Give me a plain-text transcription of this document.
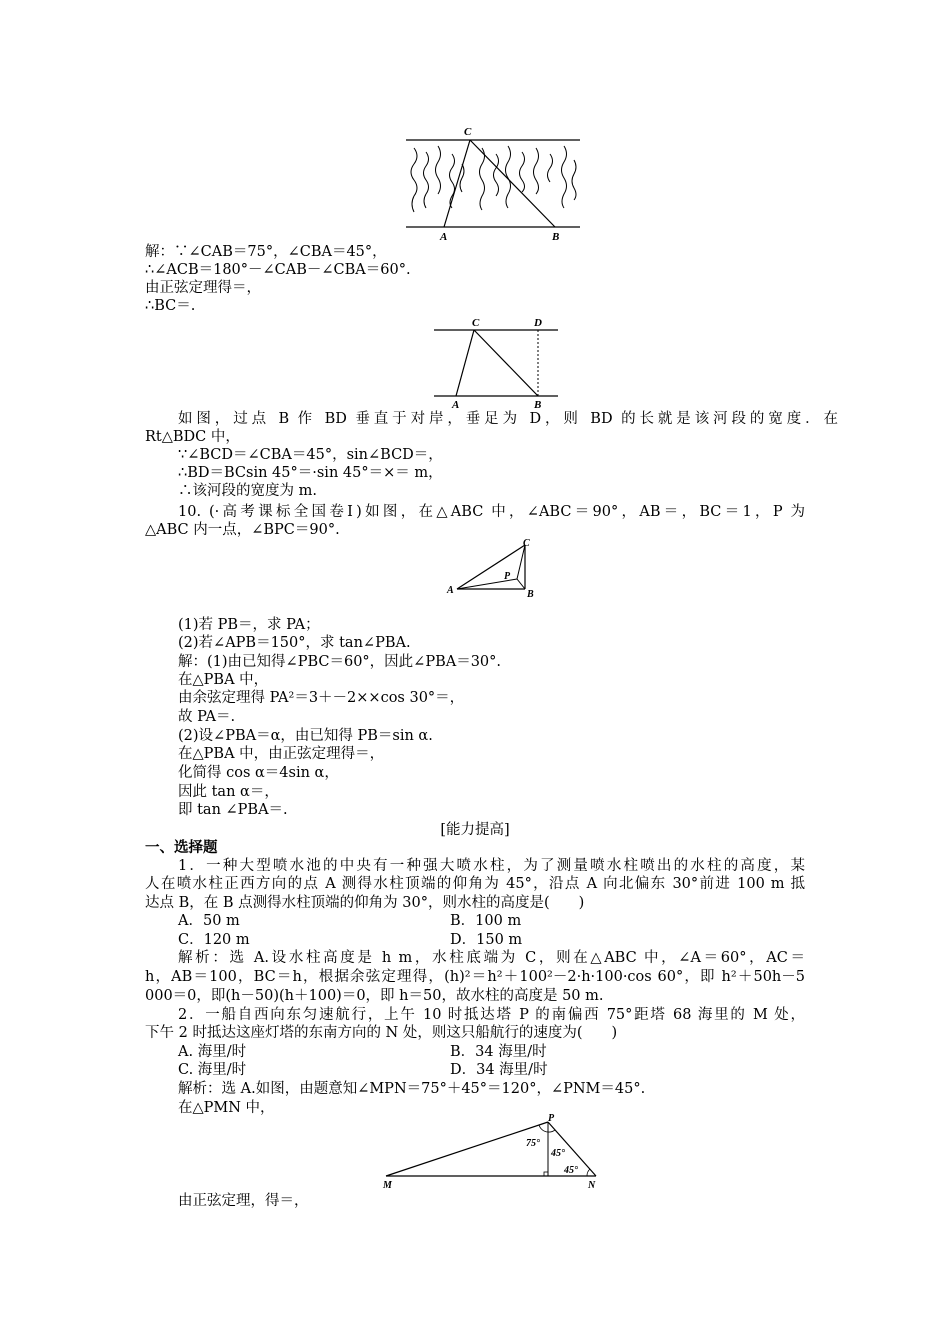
C
A	B
解：∵∠CAB＝75°，∠CBA＝45°，
∴∠ACB＝180°－∠CAB－∠CBA＝60°.
由正弦定理得＝，
∴BC＝.
C	D
A	B
如图，过点 B 作 BD 垂直于对岸，垂足为 D，则 BD 的长就是该河段的宽度．在
Rt△BDC 中，
∵∠BCD＝∠CBA＝45°，sin∠BCD＝，
∴BD＝BCsin 45°＝·sin 45°＝×＝ m，
∴该河段的宽度为 m.
10. (·高考课标全国卷Ⅰ)如图，在△ABC 中，∠ABC＝90°，AB＝，BC＝1，P 为
△ABC 内一点，∠BPC＝90°.
C
P
A	B
(1)若 PB＝，求 PA；
(2)若∠APB＝150°，求 tan∠PBA.
解：(1)由已知得∠PBC＝60°，因此∠PBA＝30°.
在△PBA 中，
由余弦定理得 PA²＝3＋－2××cos 30°＝，
故 PA＝.
(2)设∠PBA＝α，由已知得 PB＝sin α.
在△PBA 中，由正弦定理得＝，
化简得 cos α＝4sin α，
因此 tan α＝，
即 tan ∠PBA＝.
[能力提高]
一、选择题
1．一种大型喷水池的中央有一种强大喷水柱，为了测量喷水柱喷出的水柱的高度，某
人在喷水柱正西方向的点 A 测得水柱顶端的仰角为 45°，沿点 A 向北偏东 30°前进 100 m 抵
达点 B，在 B 点测得水柱顶端的仰角为 30°，则水柱的高度是(　　)
A．50 m	B．100 m
C．120 m	D．150 m
解析：选 A.设水柱高度是 h m，水柱底端为 C，则在△ABC 中，∠A＝60°，AC＝
h，AB＝100，BC＝h，根据余弦定理得，(h)²＝h²＋100²－2·h·100·cos 60°，即 h²＋50h－5
000＝0，即(h－50)(h＋100)＝0，即 h＝50，故水柱的高度是 50 m.
2．一船自西向东匀速航行，上午 10 时抵达塔 P 的南偏西 75°距塔 68 海里的 M 处，
下午 2 时抵达这座灯塔的东南方向的 N 处，则这只船航行的速度为(　　)
A. 海里/时	B．34 海里/时
C. 海里/时	D．34 海里/时
解析：选 A.如图，由题意知∠MPN＝75°＋45°＝120°，∠PNM＝45°.
在△PMN 中，
P
M	N
75°
45°
45°
由正弦定理，得＝，
